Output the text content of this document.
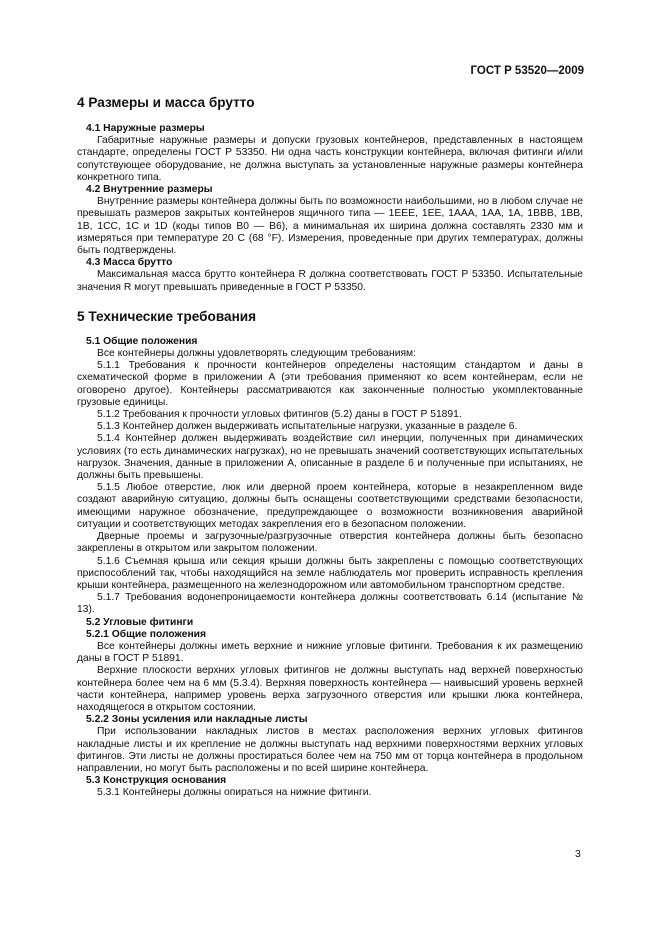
ГОСТ Р 53520—2009
4 Размеры и масса брутто

4.1 Наружные размеры

Габаритные наружные размеры и допуски грузовых контейнеров, представленных в настоящем стандарте, определены ГОСТ Р 53350. Ни одна часть конструкции контейнера, включая фитинги и/или сопутствующее оборудование, не должна выступать за установленные наружные размеры контейнера конкретного типа.

4.2 Внутренние размеры

Внутренние размеры контейнера должны быть по возможности наибольшими, но в любом случае не превышать размеров закрытых контейнеров ящичного типа — 1EEE, 1EE, 1AAA, 1AA, 1A, 1BBB, 1BB, 1B, 1CC, 1C и 1D (коды типов B0 — B6), а минимальная их ширина должна составлять 2330 мм и измеряться при температуре 20 С (68 °F). Измерения, проведенные при других температурах, должны быть подтверждены.

4.3 Масса брутто

Максимальная масса брутто контейнера R должна соответствовать ГОСТ Р 53350. Испытательные значения R могут превышать приведенные в ГОСТ Р 53350.

5 Технические требования

5.1 Общие положения

Все контейнеры должны удовлетворять следующим требованиям:

5.1.1 Требования к прочности контейнеров определены настоящим стандартом и даны в схематической форме в приложении А (эти требования применяют ко всем контейнерам, если не оговорено другое). Контейнеры рассматриваются как законченные полностью укомплектованные грузовые единицы.

5.1.2 Требования к прочности угловых фитингов (5.2) даны в ГОСТ Р 51891.

5.1.3 Контейнер должен выдерживать испытательные нагрузки, указанные в разделе 6.

5.1.4 Контейнер должен выдерживать воздействие сил инерции, полученных при динамических условиях (то есть динамических нагрузках), но не превышать значений соответствующих испытательных нагрузок. Значения, данные в приложении А, описанные в разделе 6 и полученные при испытаниях, не должны быть превышены.

5.1.5 Любое отверстие, люк или дверной проем контейнера, которые в незакрепленном виде создают аварийную ситуацию, должны быть оснащены соответствующими средствами безопасности, имеющими наружное обозначение, предупреждающее о возможности возникновения аварийной ситуации и соответствующих методах закрепления его в безопасном положении.

Дверные проемы и загрузочные/разгрузочные отверстия контейнера должны быть безопасно закреплены в открытом или закрытом положении.

5.1.6 Съемная крыша или секция крыши должны быть закреплены с помощью соответствующих приспособлений так, чтобы находящийся на земле наблюдатель мог проверить исправность крепления крыши контейнера, размещенного на железнодорожном или автомобильном транспортном средстве.

5.1.7 Требования водонепроницаемости контейнера должны соответствовать 6.14 (испытание № 13).

5.2 Угловые фитинги

5.2.1 Общие положения

Все контейнеры должны иметь верхние и нижние угловые фитинги. Требования к их размещению даны в ГОСТ Р 51891.

Верхние плоскости верхних угловых фитингов не должны выступать над верхней поверхностью контейнера более чем на 6 мм (5.3.4). Верхняя поверхность контейнера — наивысший уровень верхней части контейнера, например уровень верха загрузочного отверстия или крышки люка контейнера, находящегося в открытом состоянии.

5.2.2 Зоны усиления или накладные листы

При использовании накладных листов в местах расположения верхних угловых фитингов накладные листы и их крепление не должны выступать над верхними поверхностями верхних угловых фитингов. Эти листы не должны простираться более чем на 750 мм от торца контейнера в продольном направлении, но могут быть расположены и по всей ширине контейнера.

5.3 Конструкция основания

5.3.1 Контейнеры должны опираться на нижние фитинги.

3
